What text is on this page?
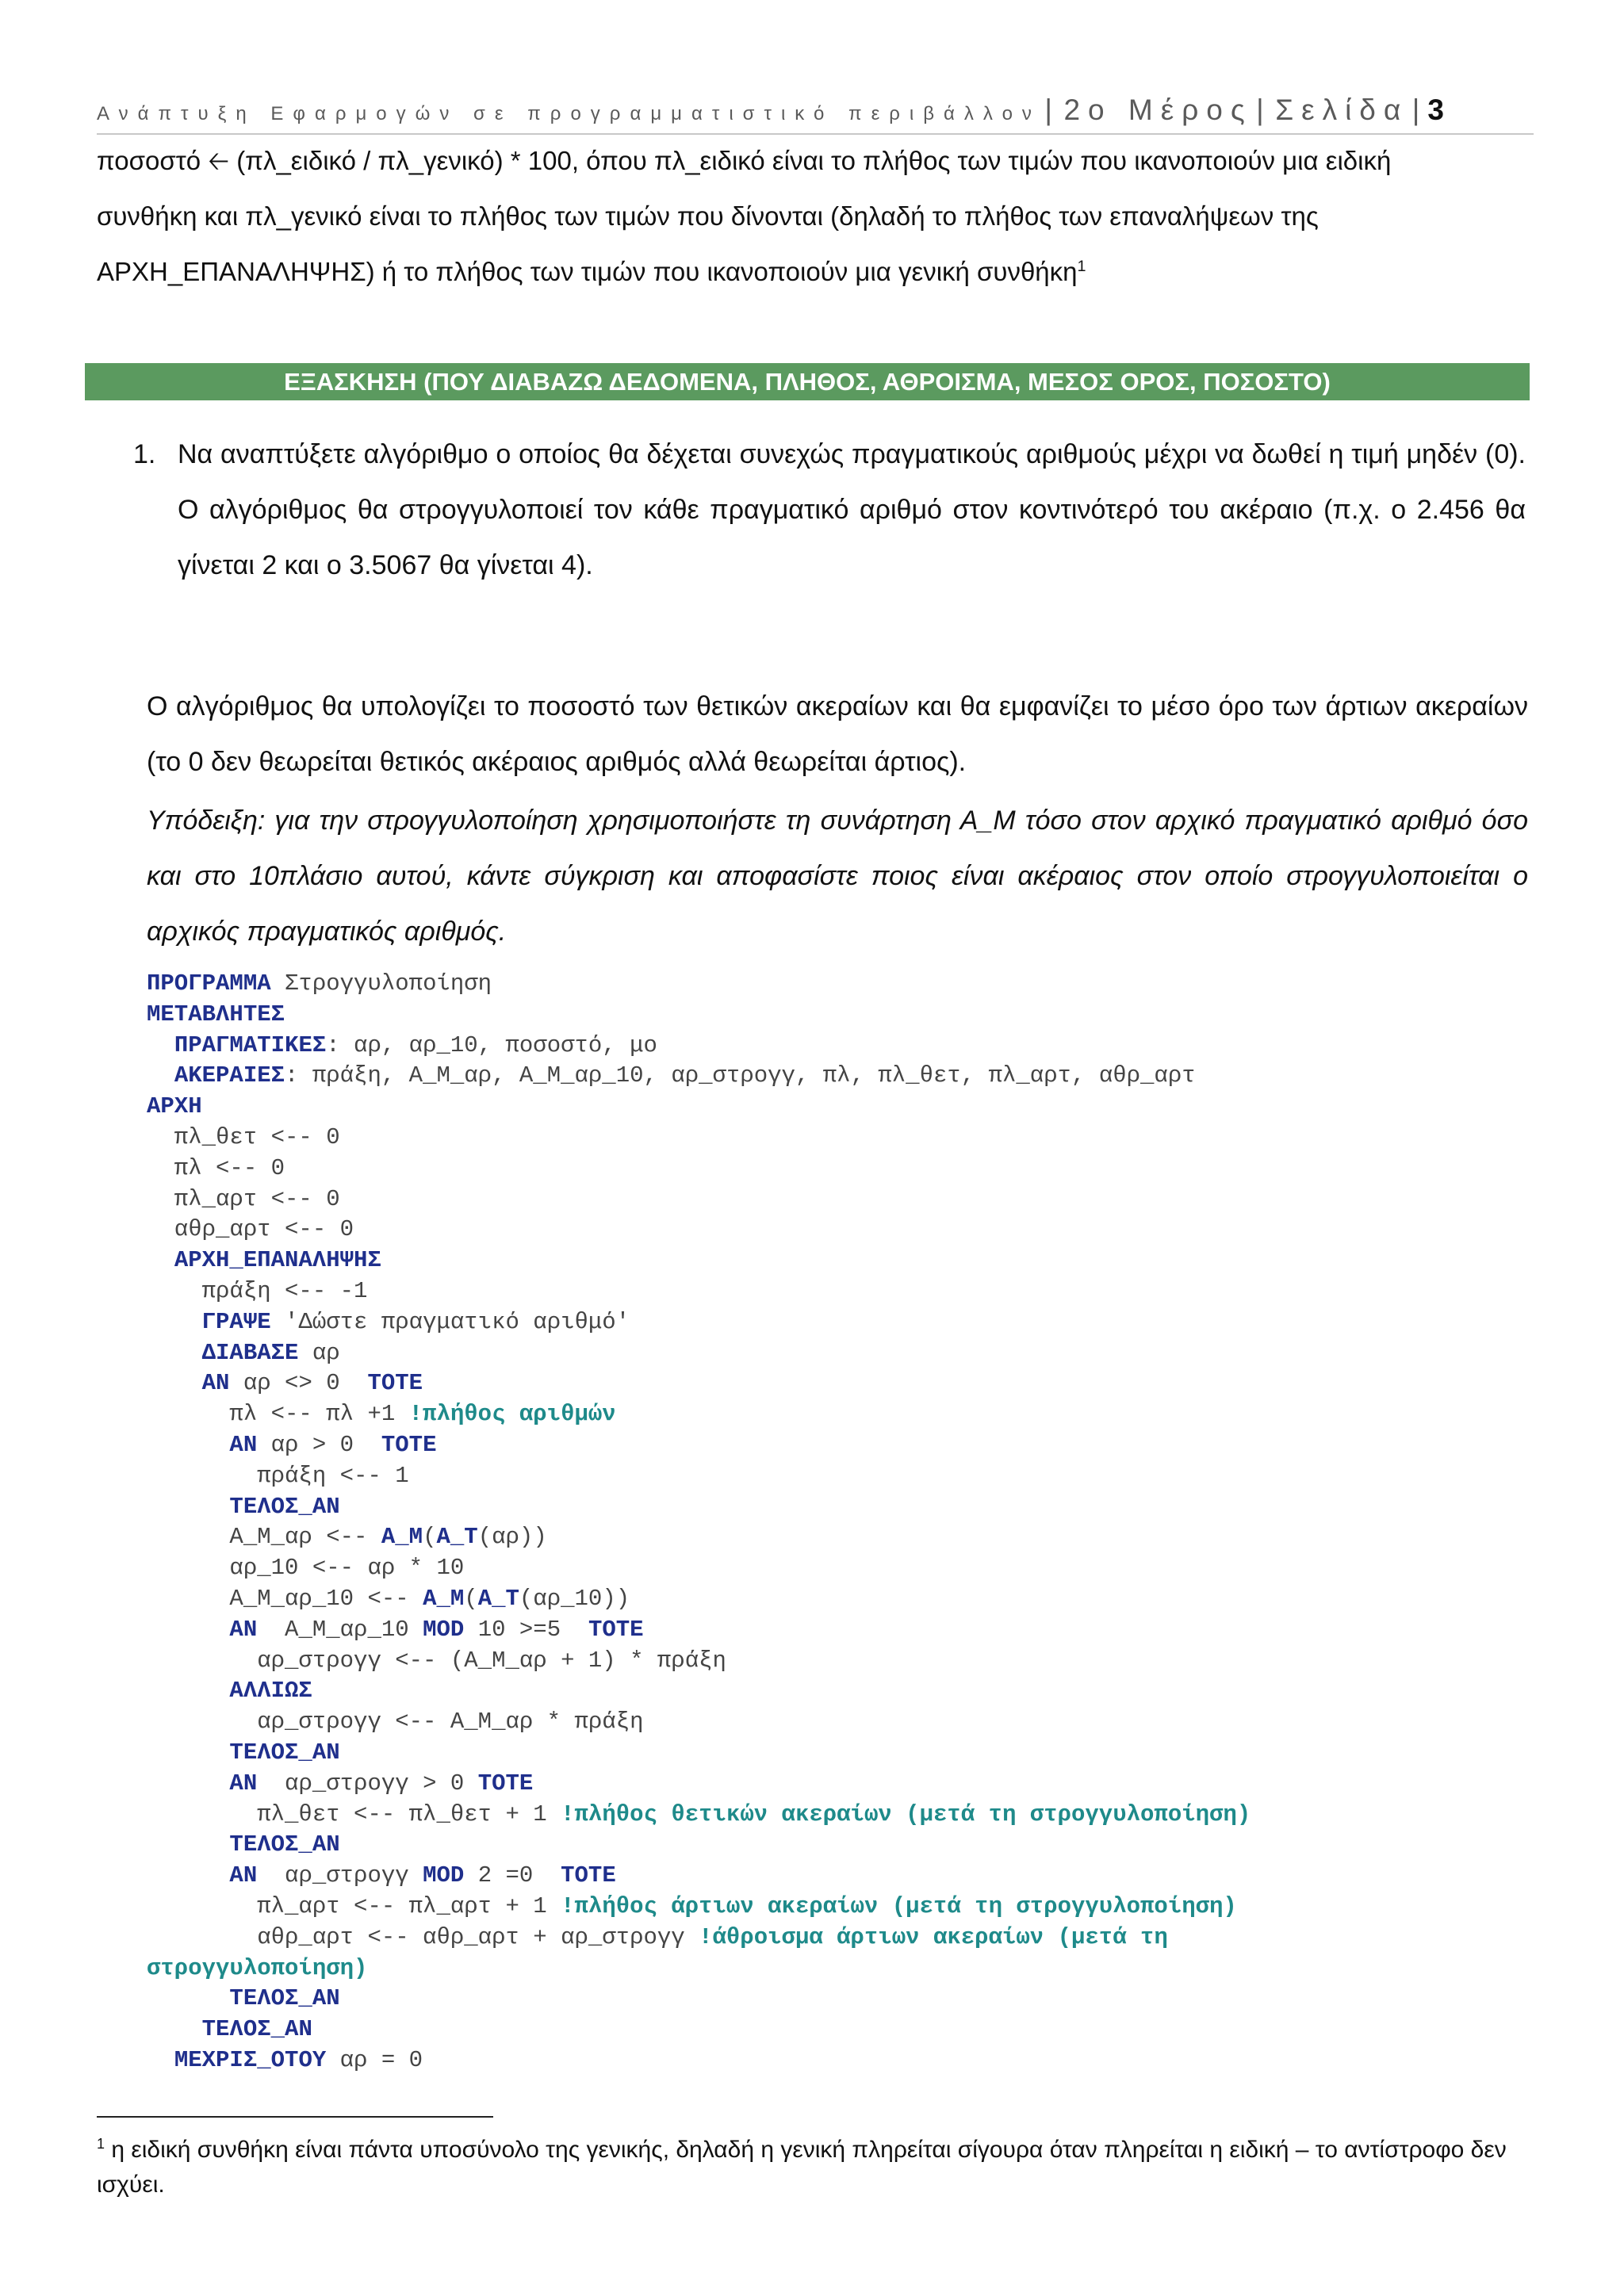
Ανάπτυξη Εφαρμογών σε προγραμματιστικό περιβάλλον | 2ο Μέρος | Σελίδα |3
ποσοστό 🡠 (πλ_ειδικό / πλ_γενικό) * 100, όπου πλ_ειδικό είναι το πλήθος των τιμών που ικανοποιούν μια ειδική
συνθήκη και πλ_γενικό είναι το πλήθος των τιμών που δίνονται (δηλαδή το πλήθος των επαναλήψεων της
ΑΡΧΗ_ΕΠΑΝΑΛΗΨΗΣ) ή το πλήθος των τιμών που ικανοποιούν μια γενική συνθήκη$^1$
ΕΞΑΣΚΗΣΗ (ΠΟΥ ΔΙΑΒΑΖΩ ΔΕΔΟΜΕΝΑ, ΠΛΗΘΟΣ, ΑΘΡΟΙΣΜΑ, ΜΕΣΟΣ ΟΡΟΣ, ΠΟΣΟΣΤΟ)
1. Να αναπτύξετε αλγόριθμο ο οποίος θα δέχεται συνεχώς πραγματικούς αριθμούς μέχρι να δωθεί η τιμή μηδέν (0). Ο αλγόριθμος θα στρογγυλοποιεί τον κάθε πραγματικό αριθμό στον κοντινότερό του ακέραιο (π.χ. ο 2.456 θα γίνεται 2 και ο 3.5067 θα γίνεται 4).
Ο αλγόριθμος θα υπολογίζει το ποσοστό των θετικών ακεραίων και θα εμφανίζει το μέσο όρο των άρτιων ακεραίων (το 0 δεν θεωρείται θετικός ακέραιος αριθμός αλλά θεωρείται άρτιος).
Υπόδειξη: για την στρογγυλοποίηση χρησιμοποιήστε τη συνάρτηση Α_Μ τόσο στον αρχικό πραγματικό αριθμό όσο και στο 10πλάσιο αυτού, κάντε σύγκριση και αποφασίστε ποιος είναι ακέραιος στον οποίο στρογγυλοποιείται ο αρχικός πραγματικός αριθμός.
ΠΡΟΓΡΑΜΜΑ Στρογγυλοποίηση
ΜΕΤΑΒΛΗΤΕΣ
ΠΡΑΓΜΑΤΙΚΕΣ: αρ, αρ_10, ποσοστό, μο
ΑΚΕΡΑΙΕΣ: πράξη, Α_Μ_αρ, Α_Μ_αρ_10, αρ_στρογγ, πλ, πλ_θετ, πλ_αρτ, αθρ_αρτ
ΑΡΧΗ
πλ_θετ <-- 0
πλ <-- 0
πλ_αρτ <-- 0
αθρ_αρτ <-- 0
ΑΡΧΗ_ΕΠΑΝΑΛΗΨΗΣ
πράξη <-- -1
ΓΡΑΨΕ 'Δώστε πραγματικό αριθμό'
ΔΙΑΒΑΣΕ αρ
ΑΝ αρ <> 0  ΤΟΤΕ
πλ <-- πλ +1 !πλήθος αριθμών
ΑΝ αρ > 0  ΤΟΤΕ
πράξη <-- 1
ΤΕΛΟΣ_ΑΝ
Α_Μ_αρ <-- Α_Μ(Α_Τ(αρ))
αρ_10 <-- αρ * 10
Α_Μ_αρ_10 <-- Α_Μ(Α_Τ(αρ_10))
ΑΝ  Α_Μ_αρ_10 MOD 10 >=5  ΤΟΤΕ
αρ_στρογγ <-- (Α_Μ_αρ + 1) * πράξη
ΑΛΛΙΩΣ
αρ_στρογγ <-- Α_Μ_αρ * πράξη
ΤΕΛΟΣ_ΑΝ
ΑΝ  αρ_στρογγ > 0 ΤΟΤΕ
πλ_θετ <-- πλ_θετ + 1 !πλήθος θετικών ακεραίων (μετά τη στρογγυλοποίηση)
ΤΕΛΟΣ_ΑΝ
ΑΝ  αρ_στρογγ MOD 2 =0  ΤΟΤΕ
πλ_αρτ <-- πλ_αρτ + 1 !πλήθος άρτιων ακεραίων (μετά τη στρογγυλοποίηση)
αθρ_αρτ <-- αθρ_αρτ + αρ_στρογγ !άθροισμα άρτιων ακεραίων (μετά τη
στρογγυλοποίηση)
ΤΕΛΟΣ_ΑΝ
ΤΕΛΟΣ_ΑΝ
ΜΕΧΡΙΣ_ΟΤΟΥ αρ = 0
$^1$ η ειδική συνθήκη είναι πάντα υποσύνολο της γενικής, δηλαδή η γενική πληρείται σίγουρα όταν πληρείται η ειδική – το αντίστροφο δεν ισχύει.
